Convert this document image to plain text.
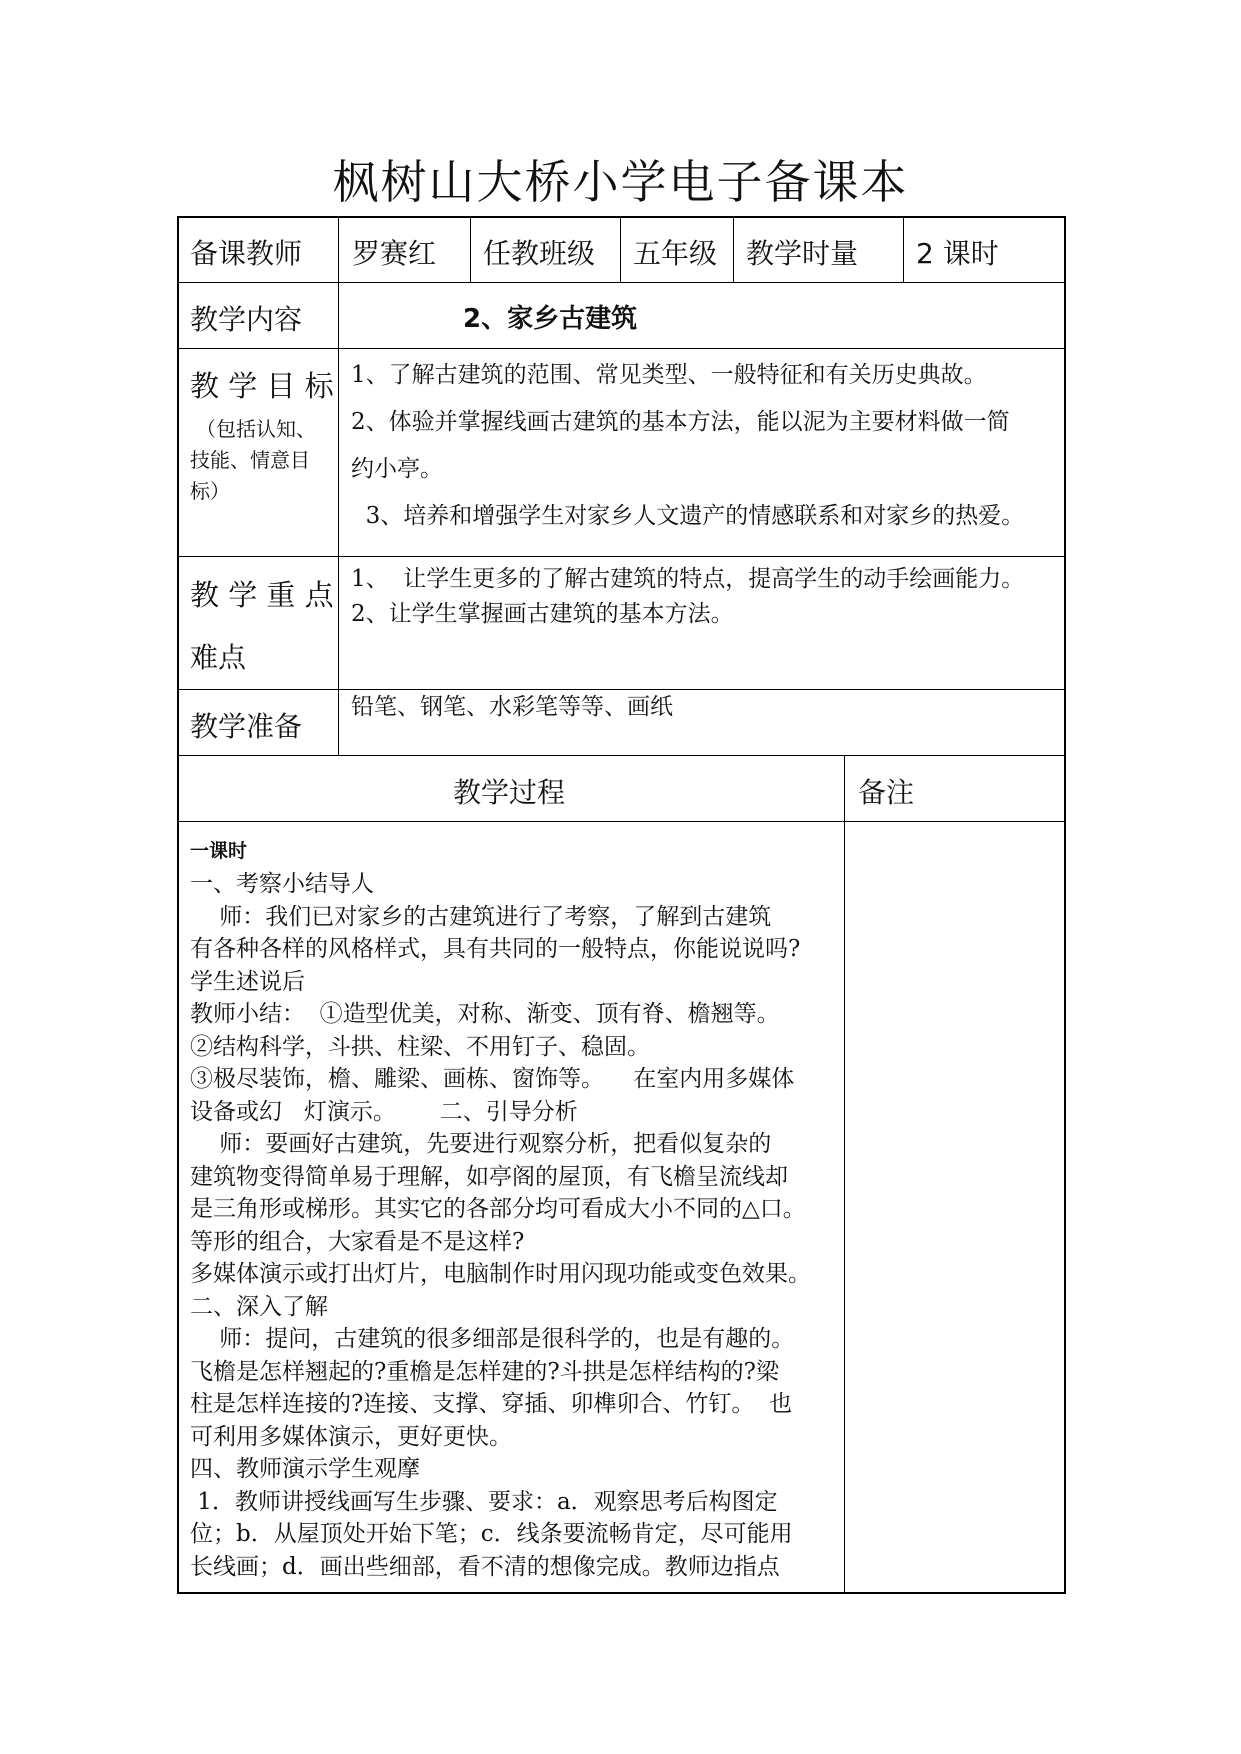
枫树山大桥小学电子备课本
备课教师 罗赛红 任教班级 五年级 教学时量 2 课时
教学内容	2、家乡古建筑
教 学 目 标
（包括认知、
技能、情意目
标）
1、了解古建筑的范围、常见类型、一般特征和有关历史典故。
2、体验并掌握线画古建筑的基本方法，能以泥为主要材料做一简
约小亭。
3、培养和增强学生对家乡人文遗产的情感联系和对家乡的热爱。
教 学 重 点
难点
1、  让学生更多的了解古建筑的特点，提高学生的动手绘画能力。
2、让学生掌握画古建筑的基本方法。
教学准备
铅笔、钢笔、水彩笔等等、画纸
教学过程	备注
一课时
一、考察小结导人
师：我们已对家乡的古建筑进行了考察，了解到古建筑
有各种各样的风格样式，具有共同的一般特点，你能说说吗?
学生述说后
教师小结：  ①造型优美，对称、渐变、顶有脊、檐翘等。
②结构科学，斗拱、柱梁、不用钉子、稳固。
③极尽装饰，檐、雕梁、画栋、窗饰等。    在室内用多媒体
设备或幻   灯演示。      二、引导分析
师：要画好古建筑，先要进行观察分析，把看似复杂的
建筑物变得简单易于理解，如亭阁的屋顶，有飞檐呈流线却
是三角形或梯形。其实它的各部分均可看成大小不同的△口。
等形的组合，大家看是不是这样?
多媒体演示或打出灯片，电脑制作时用闪现功能或变色效果。
二、深入了解
师：提问，古建筑的很多细部是很科学的，也是有趣的。
飞檐是怎样翘起的?重檐是怎样建的?斗拱是怎样结构的?梁
柱是怎样连接的?连接、支撑、穿插、卯榫卯合、竹钉。  也
可利用多媒体演示，更好更快。
四、教师演示学生观摩
1．教师讲授线画写生步骤、要求：a．观察思考后构图定
位；b．从屋顶处开始下笔；c．线条要流畅肯定，尽可能用
长线画；d．画出些细部，看不清的想像完成。教师边指点
